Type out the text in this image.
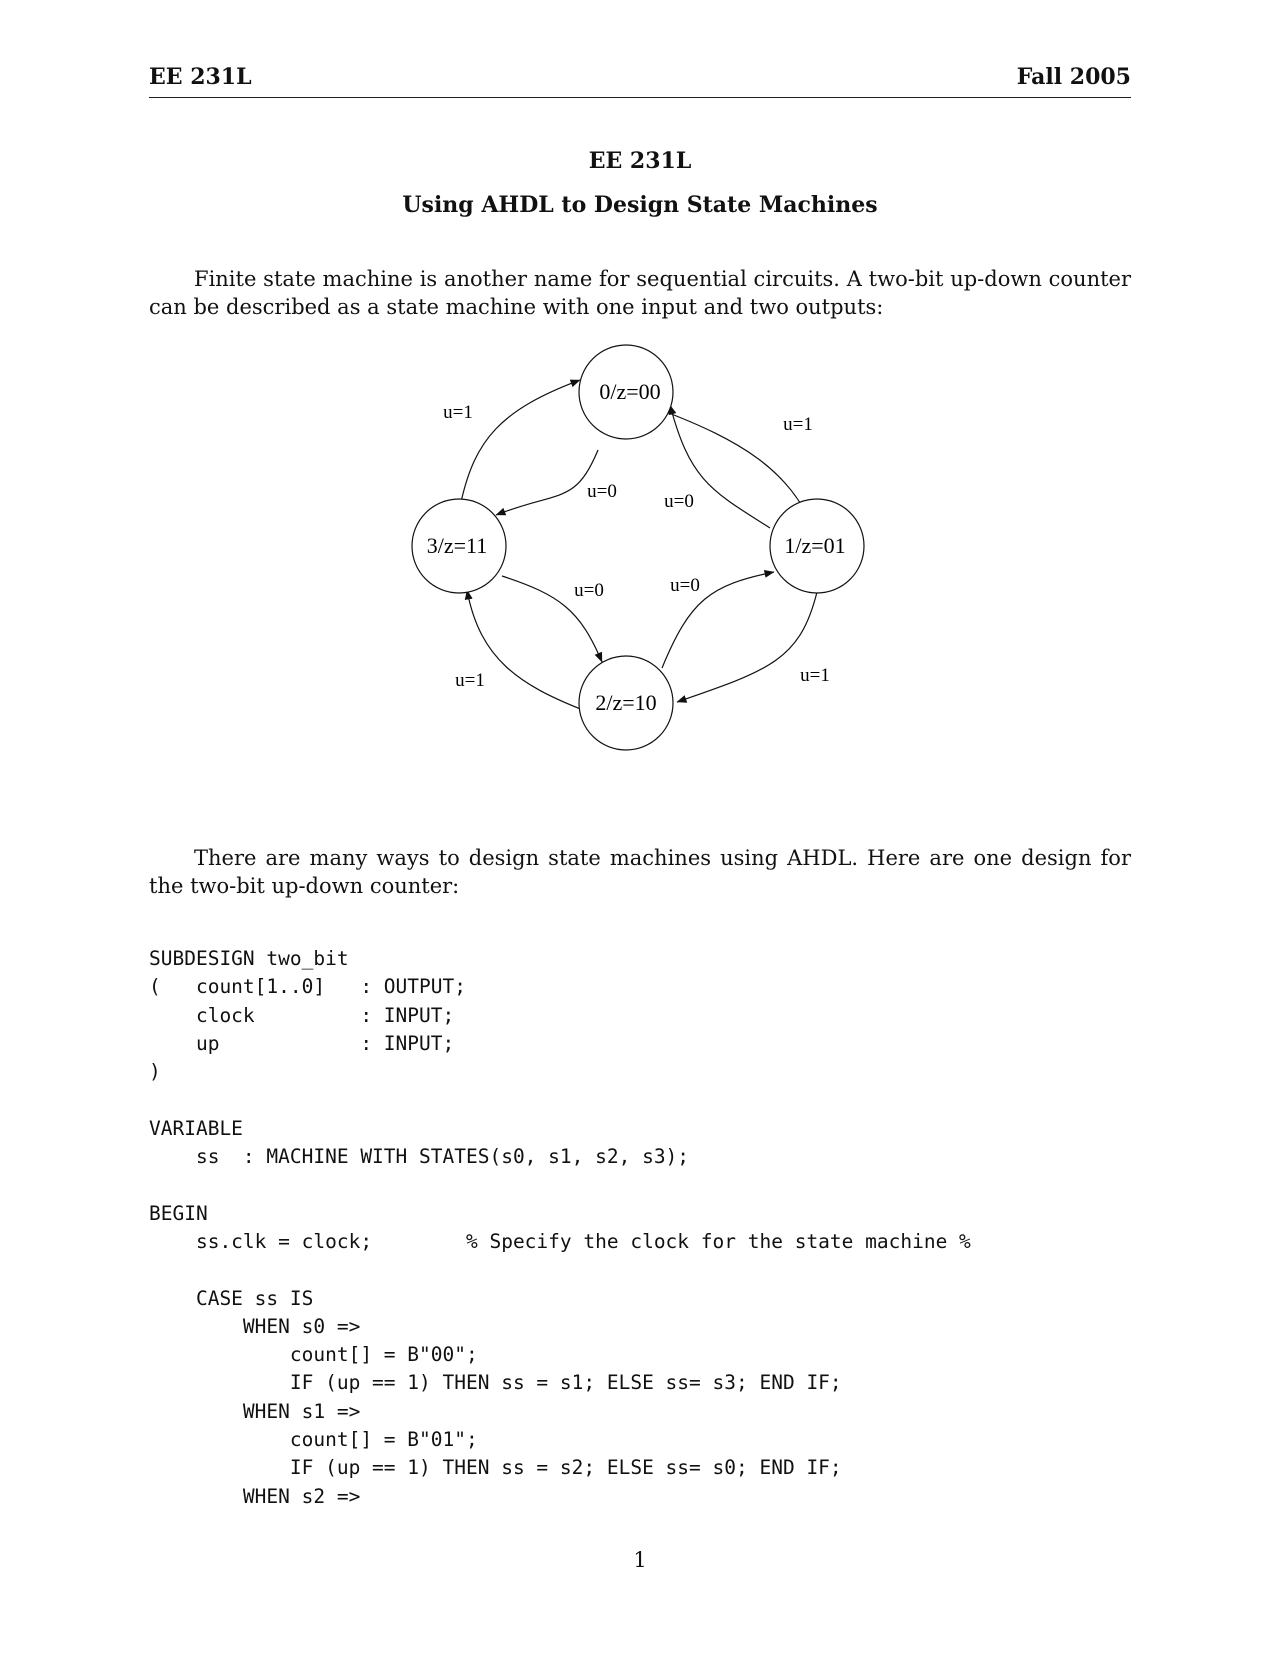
EE 231L	Fall 2005
EE 231L
Using AHDL to Design State Machines

Finite state machine is another name for sequential circuits. A two-bit up-down counter can be described as a state machine with one input and two outputs:

0/z=00
1/z=01
2/z=10
3/z=11
u=1
u=1
u=1
u=1
u=0 u=0
u=0
u=0

There are many ways to design state machines using AHDL. Here are one design for the two-bit up-down counter:

SUBDESIGN two_bit
(   count[1..0]   : OUTPUT;
clock         : INPUT;
up            : INPUT;
)
VARIABLE
ss  : MACHINE WITH STATES(s0, s1, s2, s3);
BEGIN
ss.clk = clock;        % Specify the clock for the state machine %
CASE ss IS
WHEN s0 =>
count[] = B"00";
IF (up == 1) THEN ss = s1; ELSE ss= s3; END IF;
WHEN s1 =>
count[] = B"01";
IF (up == 1) THEN ss = s2; ELSE ss= s0; END IF;
WHEN s2 =>
1
